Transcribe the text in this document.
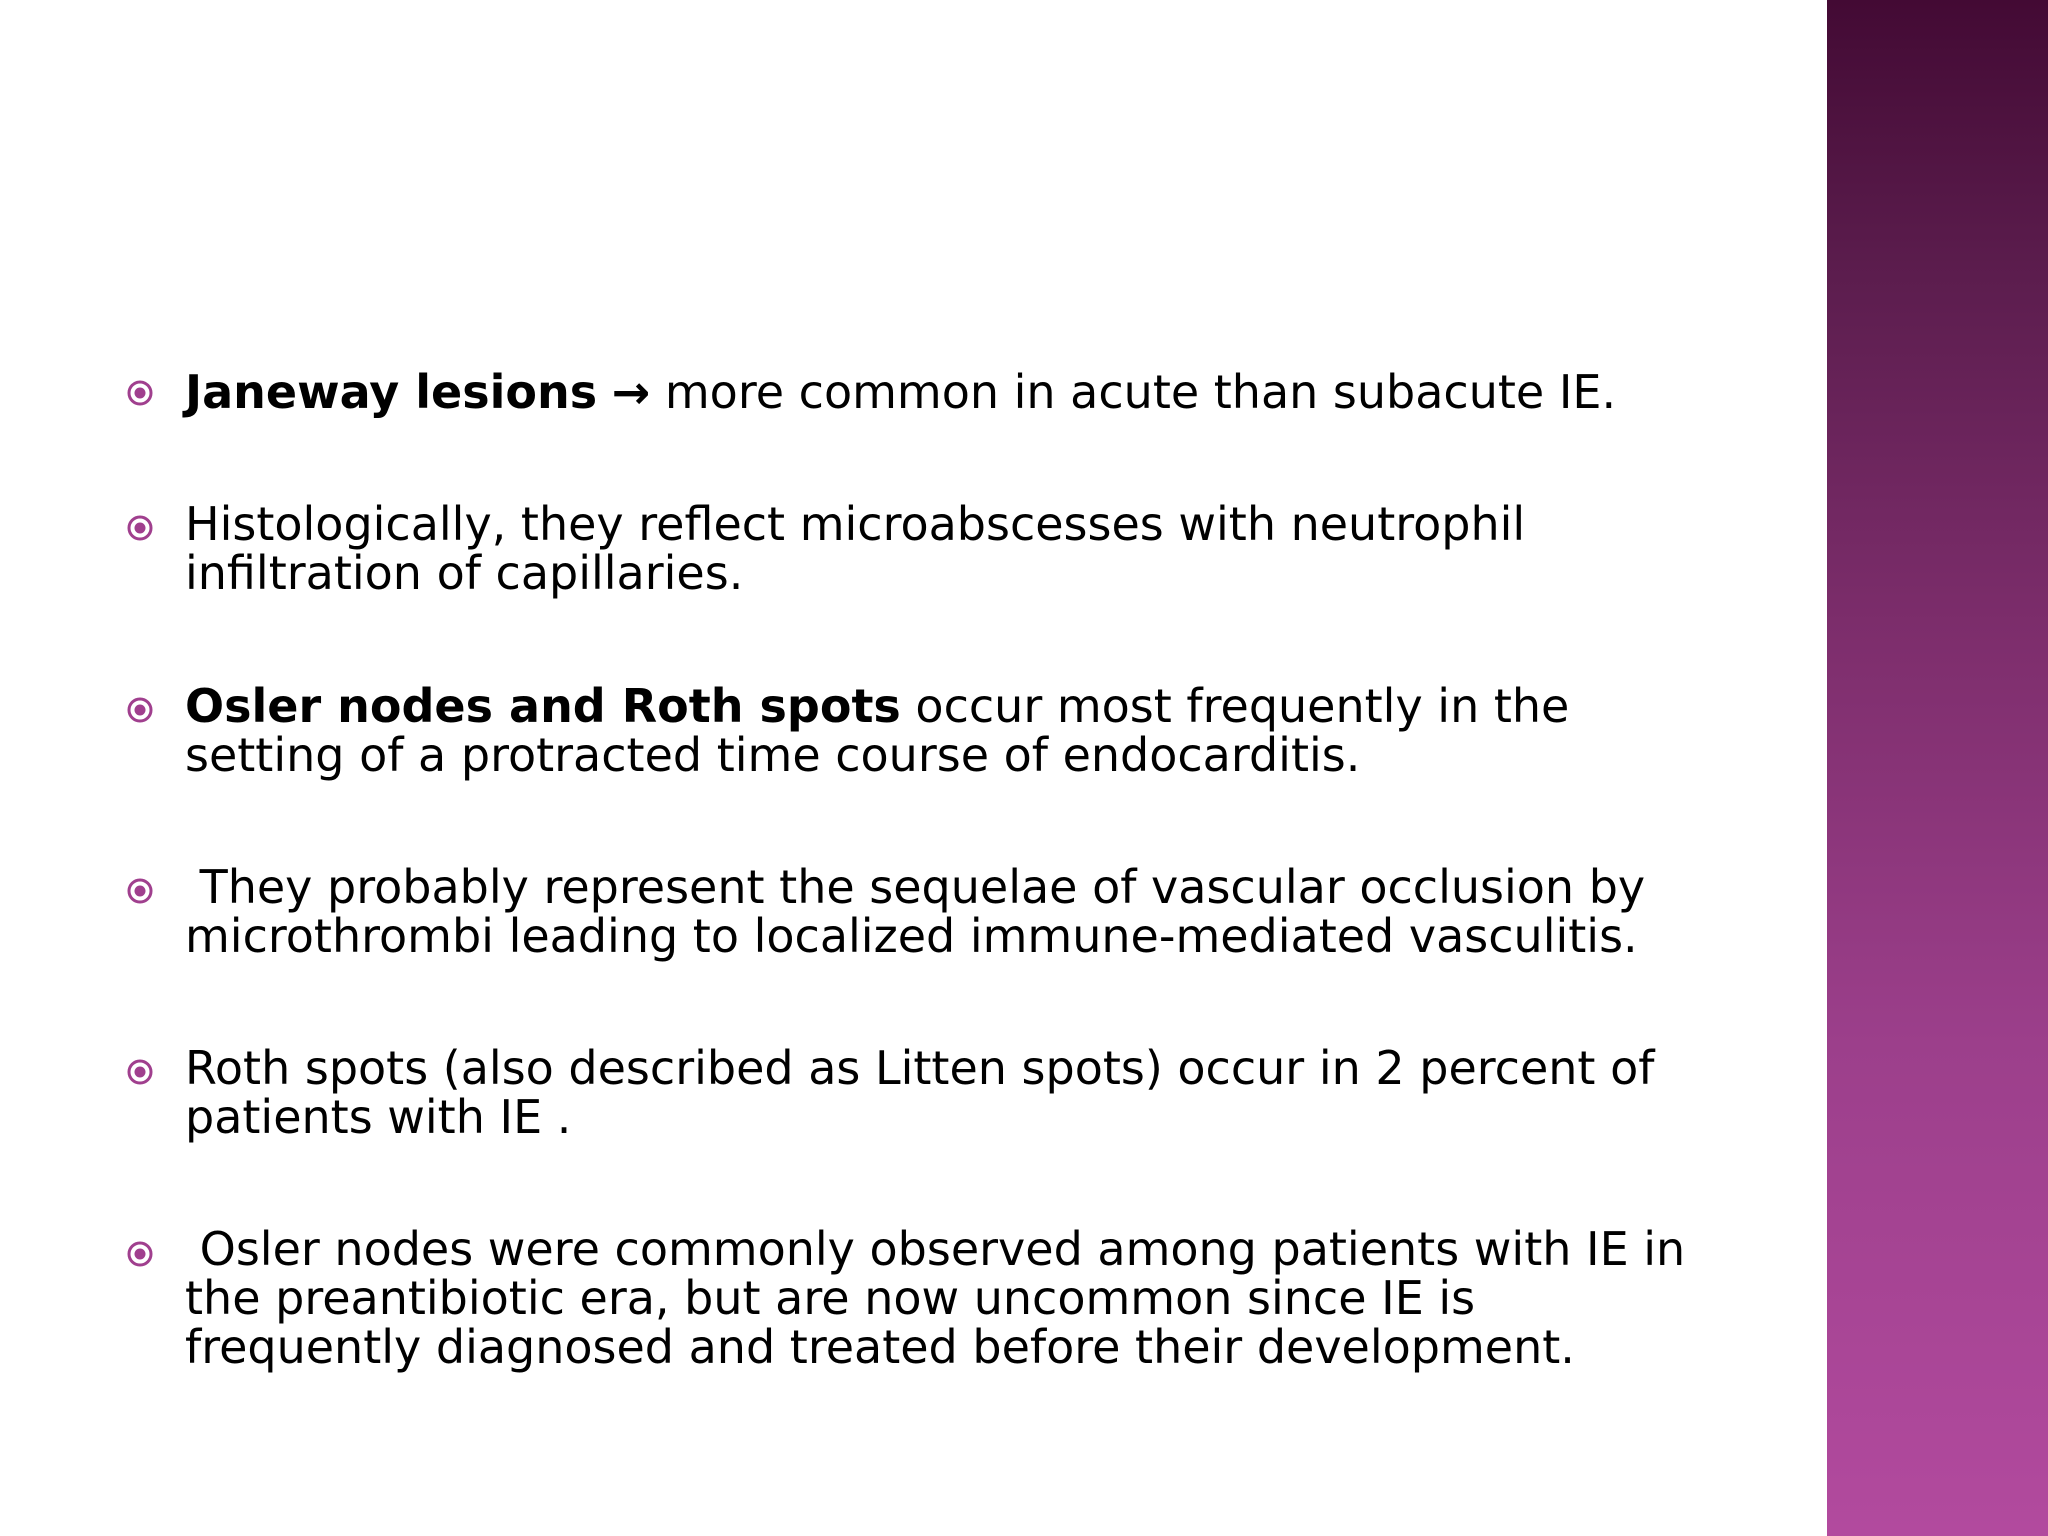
Janeway lesions → more common in acute than subacute IE.
Histologically, they reflect microabscesses with neutrophil infiltration of capillaries.
Osler nodes and Roth spots occur most frequently in the setting of a protracted time course of endocarditis.
They probably represent the sequelae of vascular occlusion by microthrombi leading to localized immune-mediated vasculitis.
Roth spots (also described as Litten spots) occur in 2 percent of patients with IE .
Osler nodes were commonly observed among patients with IE in the preantibiotic era, but are now uncommon since IE is frequently diagnosed and treated before their development.
